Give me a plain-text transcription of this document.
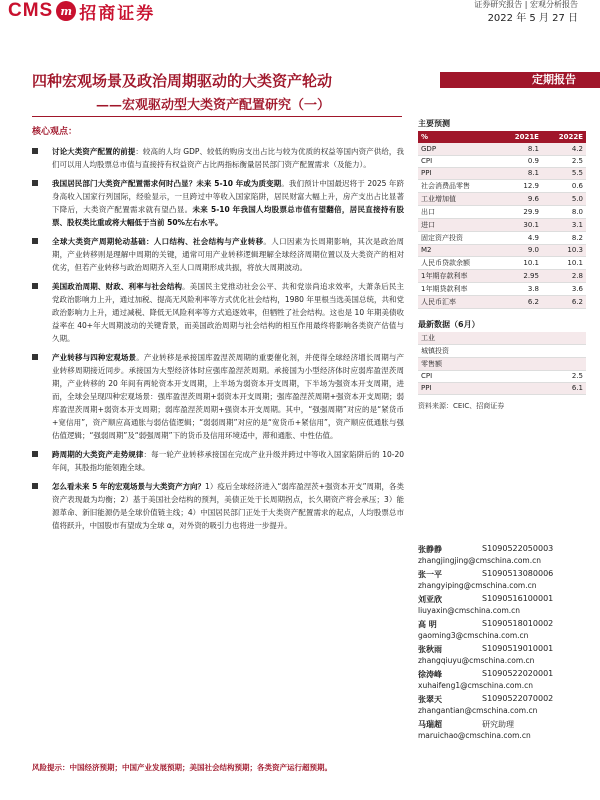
CMS m 招商证券	证券研究报告 | 宏观分析报告
2022 年 5 月 27 日
四种宏观场景及政治周期驱动的大类资产轮动
——宏观驱动型大类资产配置研究（一）
定期报告
核心观点：
讨论大类资产配置的前提：较高的人均 GDP、较低的购房支出占比与较为优质的权益等国内资产供给，我们可以用人均股票总市值与直接持有权益资产占比两指标衡量居民部门资产配置需求（及能力）。
我国居民部门大类资产配置需求何时凸显？未来 5-10 年或为质变期。我们预计中国最迟将于 2025 年跻身高收入国家行列国际，经验显示，一旦跨过中等收入国家陷阱，居民财富大幅上升，房产支出占比显著下降后，大类资产配置需求就有望凸显。未来 5-10 年我国人均股票总市值有望翻倍，居民直接持有股票、股权类比重或将大幅低于当前 50%左右水平。
全球大类资产周期轮动基础：人口结构、社会结构与产业转移。人口因素为长周期影响，其次是政治周期，产业转移则是理解中周期的关键，通常可用产业转移逻辑理解全球经济周期位置以及大类资产的相对优劣，但若产业转移与政治周期齐入至人口周期形成共振，将放大周期波动。
美国政治周期、财政、利率与社会结构。美国民主党推动社会公平、共和党崇尚追求效率，大萧条后民主党政治影响力上升，通过加税、提高无风险利率等方式优化社会结构，1980 年里根当选美国总统，共和党政治影响力上升，通过减税、降低无风险利率等方式追逐效率，但牺牲了社会结构。这也是 10 年期美债收益率在 40+年大周期波动的关键背景，而美国政治周期与社会结构的相互作用最终将影响各类资产估值与久期。
产业转移与四种宏观场景。产业转移是承接国库盈涅茨周期的重要催化剂，并使得全球经济增长周期与产业转移周期接近同步。承接国为大型经济体时应强库盈涅茨周期。承接国为小型经济体时应弱库盈涅茨周期，产业转移的 20 年间有两轮资本开支周期，上半场为弱资本开支周期，下半场为强资本开支周期，进而，全球会呈现四种宏观场景：强库盈涅茨周期+弱资本开支周期；强库盈涅茨周期+强资本开支周期；弱库盈涅茨周期+弱资本开支周期；弱库盈涅茨周期+强资本开支周期。其中，“强强周期”对应的是“紧货币+宽信用”，资产顺应高通胀与弱估值逻辑；“弱弱周期”对应的是“宽货币+紧信用”，资产顺应低通胀与强估值逻辑；“强弱周期”及“弱强周期”下的货币及信用环境适中，滞和通胀、中性估值。
跨周期的大类资产走势规律：每一轮产业转移承接国在完成产业升级并跨过中等收入国家陷阱后的 10-20 年间，其股指均能领跑全球。
怎么看未来 5 年的宏观场景与大类资产方向？1）疫后全球经济进入“弱库盈涅茨+强资本开支”周期，各类资产表现最为均衡；2）基于美国社会结构的预判，美债正处于长周期拐点，长久期资产将会承压；3）能源革命、新旧能源仍是全球价值链主线；4）中国居民部门正处于大类资产配置需求的起点，人均股票总市值将跃升，中国股市有望成为全球 α，对外资的吸引力也将进一步提升。
风险提示：中国经济预期；中国产业发展预期；美国社会结构预期；各类资产运行超预期。
主要预测
%	2021E	2022E
GDP	8.1	4.2
CPI	0.9	2.5
PPI	8.1	5.5
社会消费品零售	12.9	0.6
工业增加值	9.6	5.0
出口	29.9	8.0
进口	30.1	3.1
固定资产投资	4.9	8.2
M2	9.0	10.3
人民币贷款余额	10.1	10.1
1年期存款利率	2.95	2.8
1年期贷款利率	3.8	3.6
人民币汇率	6.2	6.2
最新数据（6月）
工业	
城镇投资	
零售额	
CPI	2.5
PPI	6.1
资料来源：CEIC、招商证券
张静静	S1090522050003
zhangjingjing@cmschina.com.cn
张一平	S1090513080006
zhangyiping@cmschina.com.cn
刘亚欣	S1090516100001
liuyaxin@cmschina.com.cn
高 明	S1090518010002
gaoming3@cmschina.com.cn
张秋雨	S1090519010001
zhangqiuyu@cmschina.com.cn
徐涛峰	S1090522020001
xuhaifeng1@cmschina.com.cn
张翠天	S1090522070002
zhangantian@cmschina.com.cn
马瑞超	研究助理
maruichao@cmschina.com.cn
